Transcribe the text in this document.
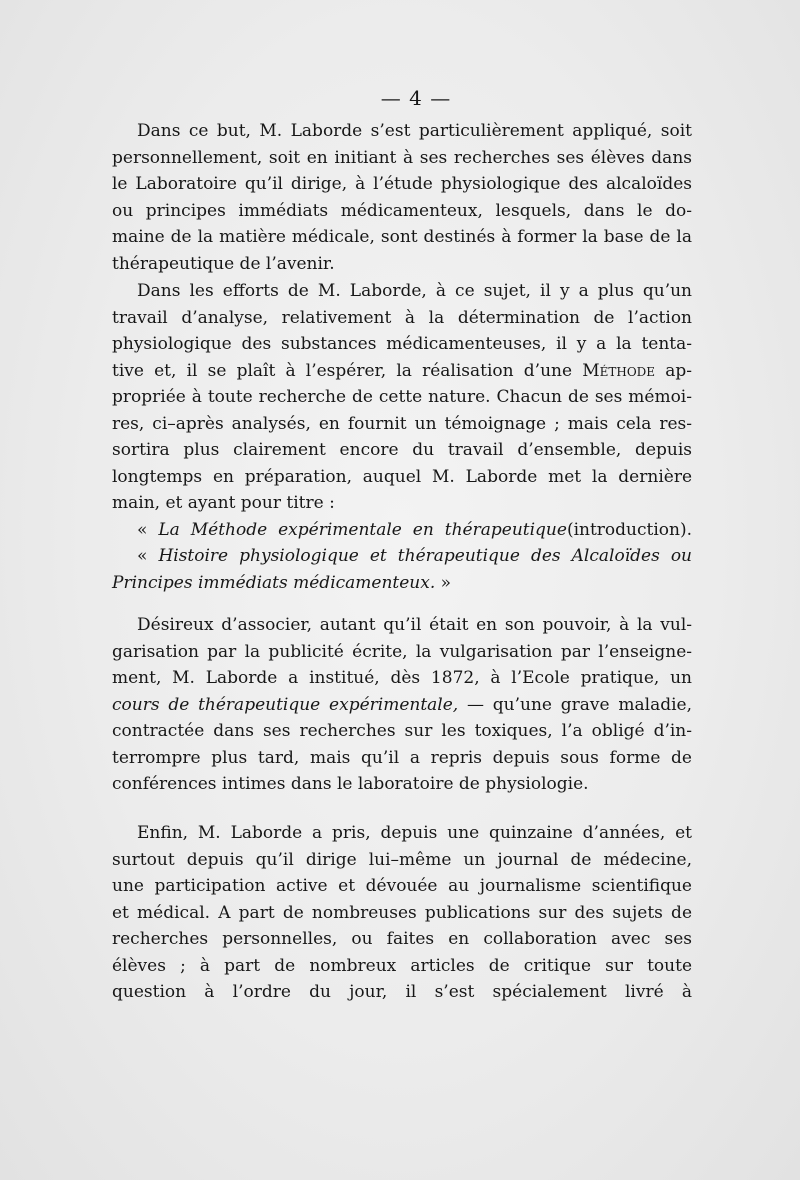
— 4 —
Dans ce but, M. Laborde s’est particulièrement appliqué, soit
personnellement, soit en initiant à ses recherches ses élèves dans
le Laboratoire qu’il dirige, à l’étude physiologique des alcaloïdes
ou principes immédiats médicamenteux, lesquels, dans le do-
maine de la matière médicale, sont destinés à former la base de la
thérapeutique de l’avenir.
Dans les efforts de M. Laborde, à ce sujet, il y a plus qu’un
travail d’analyse, relativement à la détermination de l’action
physiologique des substances médicamenteuses, il y a la tenta-
tive et, il se plaît à l’espérer, la réalisation d’une Méthode ap-
propriée à toute recherche de cette nature. Chacun de ses mémoi-
res, ci–après analysés, en fournit un témoignage ; mais cela res-
sortira plus clairement encore du travail d’ensemble, depuis
longtemps en préparation, auquel M. Laborde met la dernière
main, et ayant pour titre :
« La Méthode expérimentale en thérapeutique(introduction).
« Histoire physiologique et thérapeutique des Alcaloïdes ou
Principes immédiats médicamenteux. »
Désireux d’associer, autant qu’il était en son pouvoir, à la vul-
garisation par la publicité écrite, la vulgarisation par l’enseigne-
ment, M. Laborde a institué, dès 1872, à l’Ecole pratique, un
cours de thérapeutique expérimentale, — qu’une grave maladie,
contractée dans ses recherches sur les toxiques, l’a obligé d’in-
terrompre plus tard, mais qu’il a repris depuis sous forme de
conférences intimes dans le laboratoire de physiologie.
Enfin, M. Laborde a pris, depuis une quinzaine d’années, et
surtout depuis qu’il dirige lui–même un journal de médecine,
une participation active et dévouée au journalisme scientifique
et médical. A part de nombreuses publications sur des sujets de
recherches personnelles, ou faites en collaboration avec ses
élèves ; à part de nombreux articles de critique sur toute
question à l’ordre du jour, il s’est spécialement livré à
